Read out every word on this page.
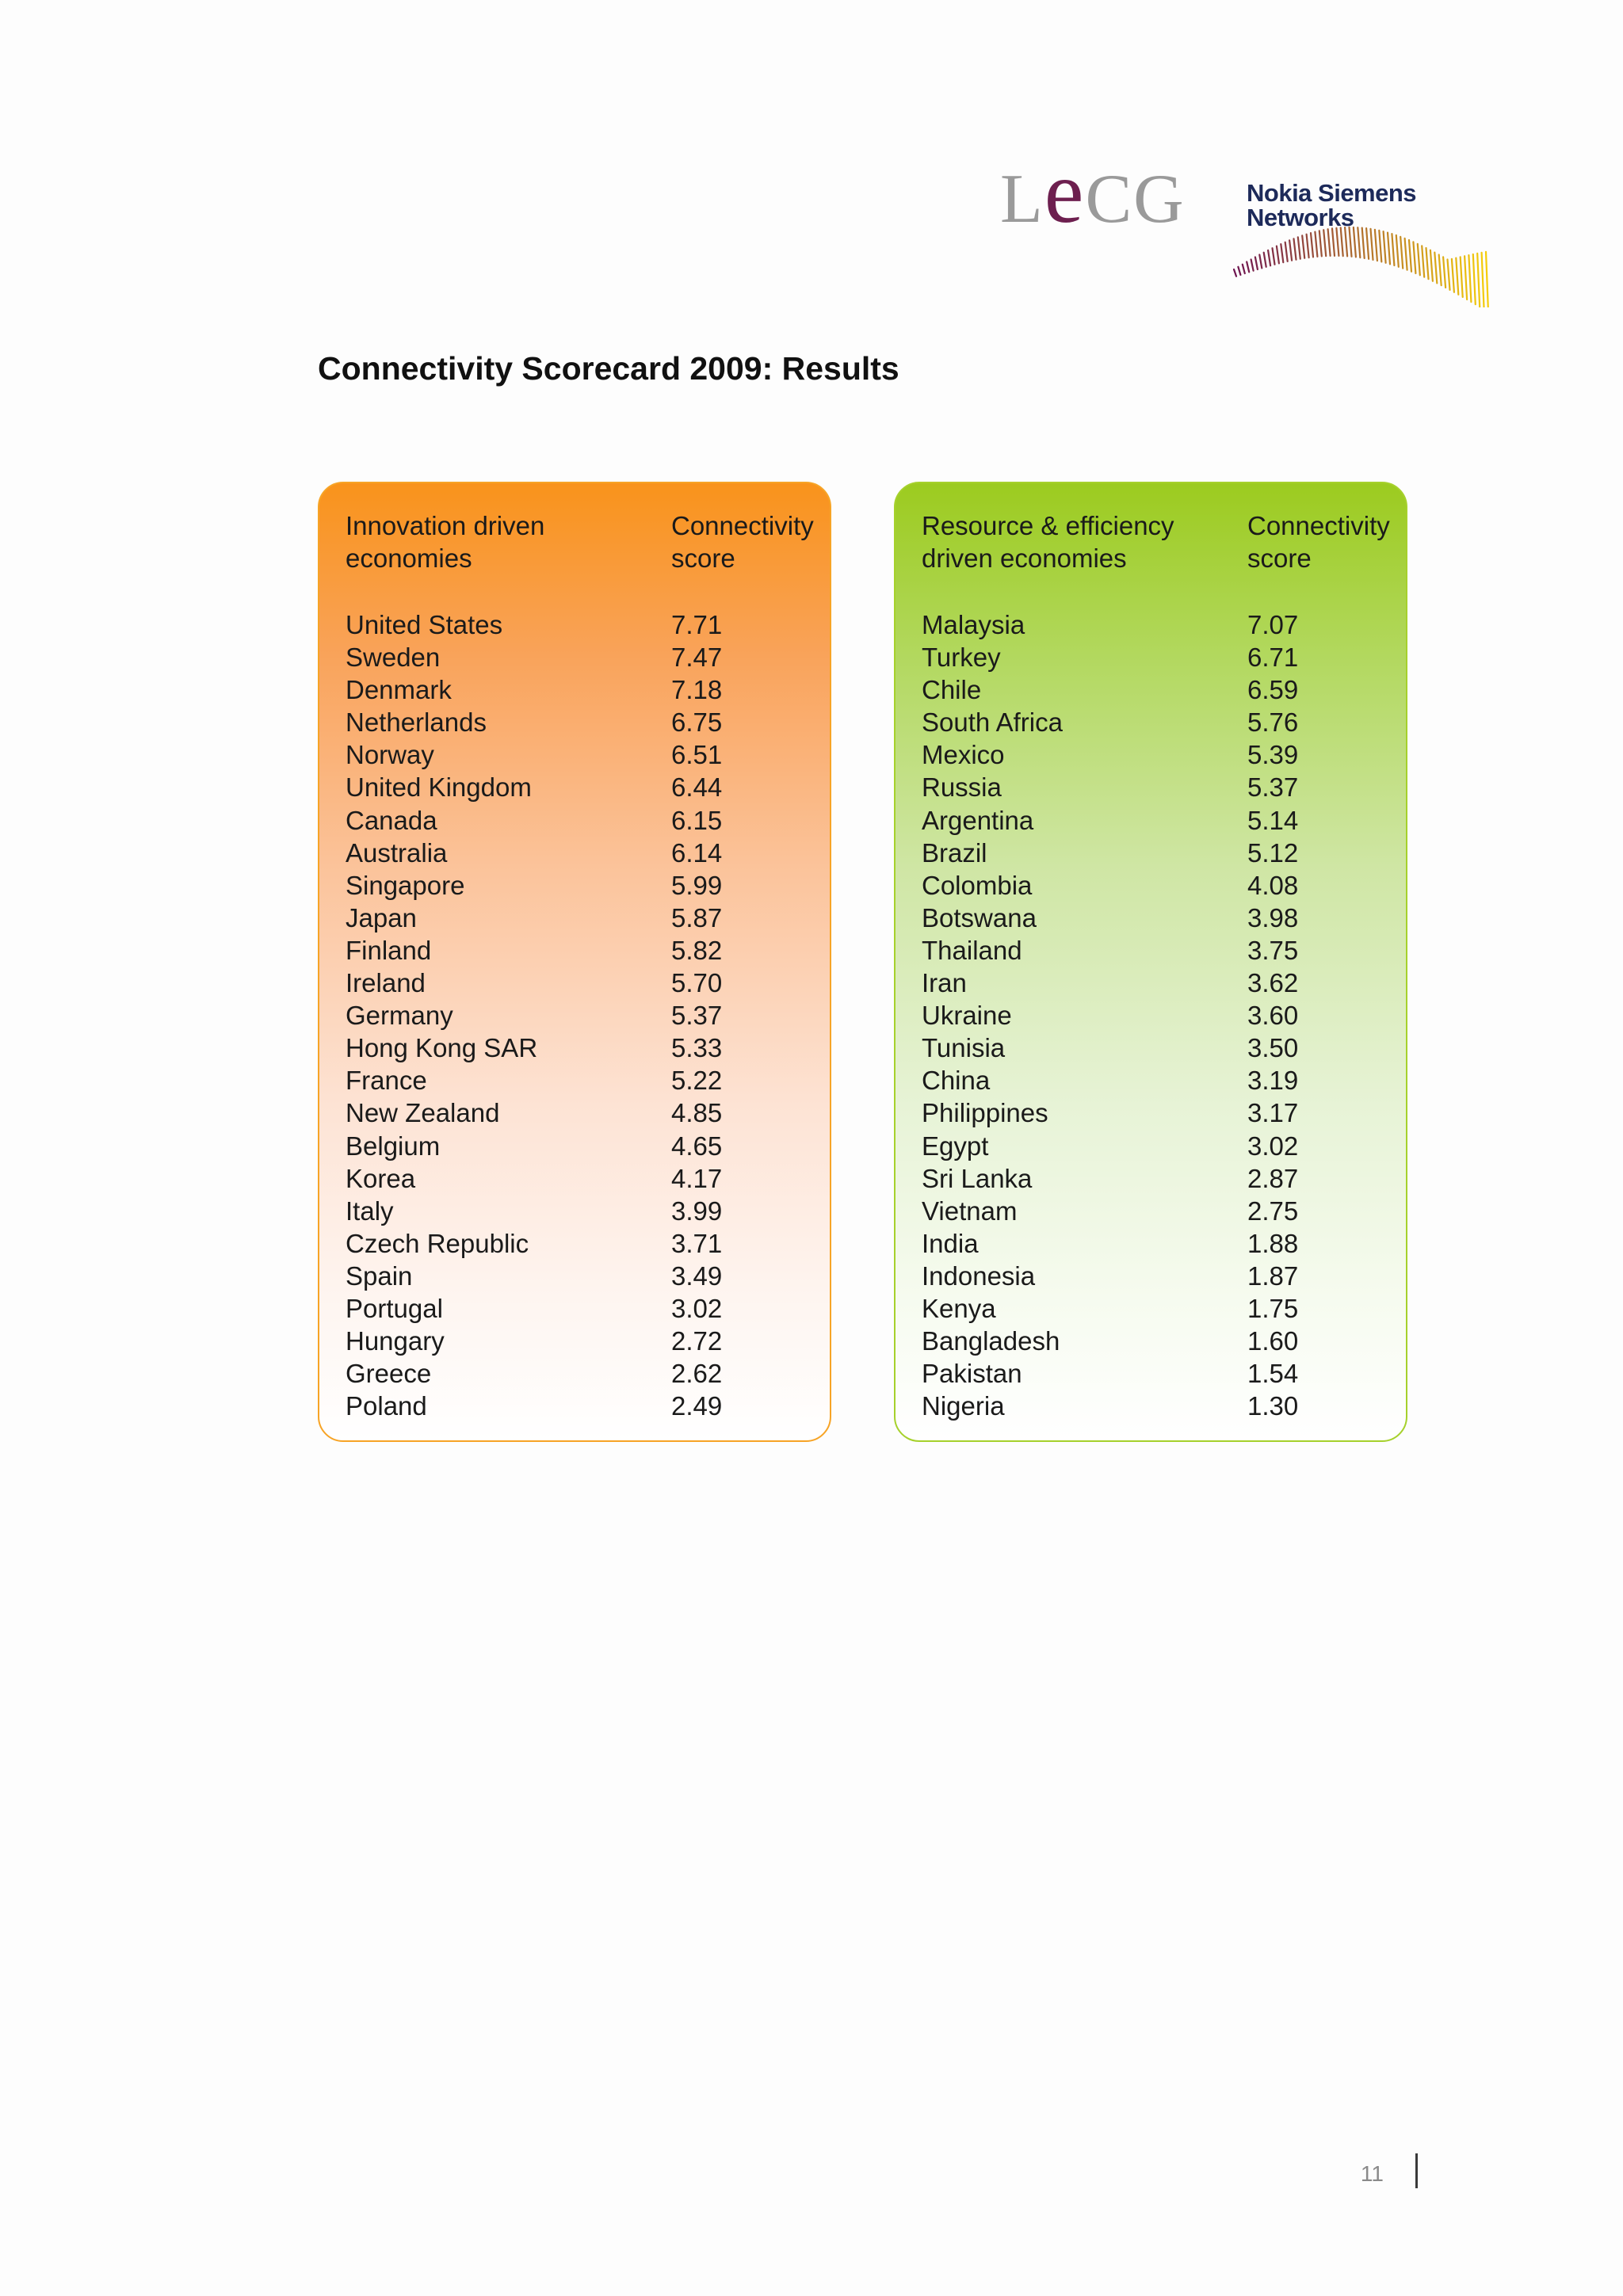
LeCG	Nokia Siemens
Networks
Connectivity Scorecard 2009: Results
Innovation driven
economies
Connectivity
score
United States	7.71
Sweden	7.47
Denmark	7.18
Netherlands	6.75
Norway	6.51
United Kingdom	6.44
Canada	6.15
Australia	6.14
Singapore	5.99
Japan	5.87
Finland	5.82
Ireland	5.70
Germany	5.37
Hong Kong SAR	5.33
France	5.22
New Zealand	4.85
Belgium	4.65
Korea	4.17
Italy	3.99
Czech Republic	3.71
Spain	3.49
Portugal	3.02
Hungary	2.72
Greece	2.62
Poland	2.49
Resource & efficiency
driven economies
Connectivity
score
Malaysia	7.07
Turkey	6.71
Chile	6.59
South Africa	5.76
Mexico	5.39
Russia	5.37
Argentina	5.14
Brazil	5.12
Colombia	4.08
Botswana	3.98
Thailand	3.75
Iran	3.62
Ukraine	3.60
Tunisia	3.50
China	3.19
Philippines	3.17
Egypt	3.02
Sri Lanka	2.87
Vietnam	2.75
India	1.88
Indonesia	1.87
Kenya	1.75
Bangladesh	1.60
Pakistan	1.54
Nigeria	1.30
11
